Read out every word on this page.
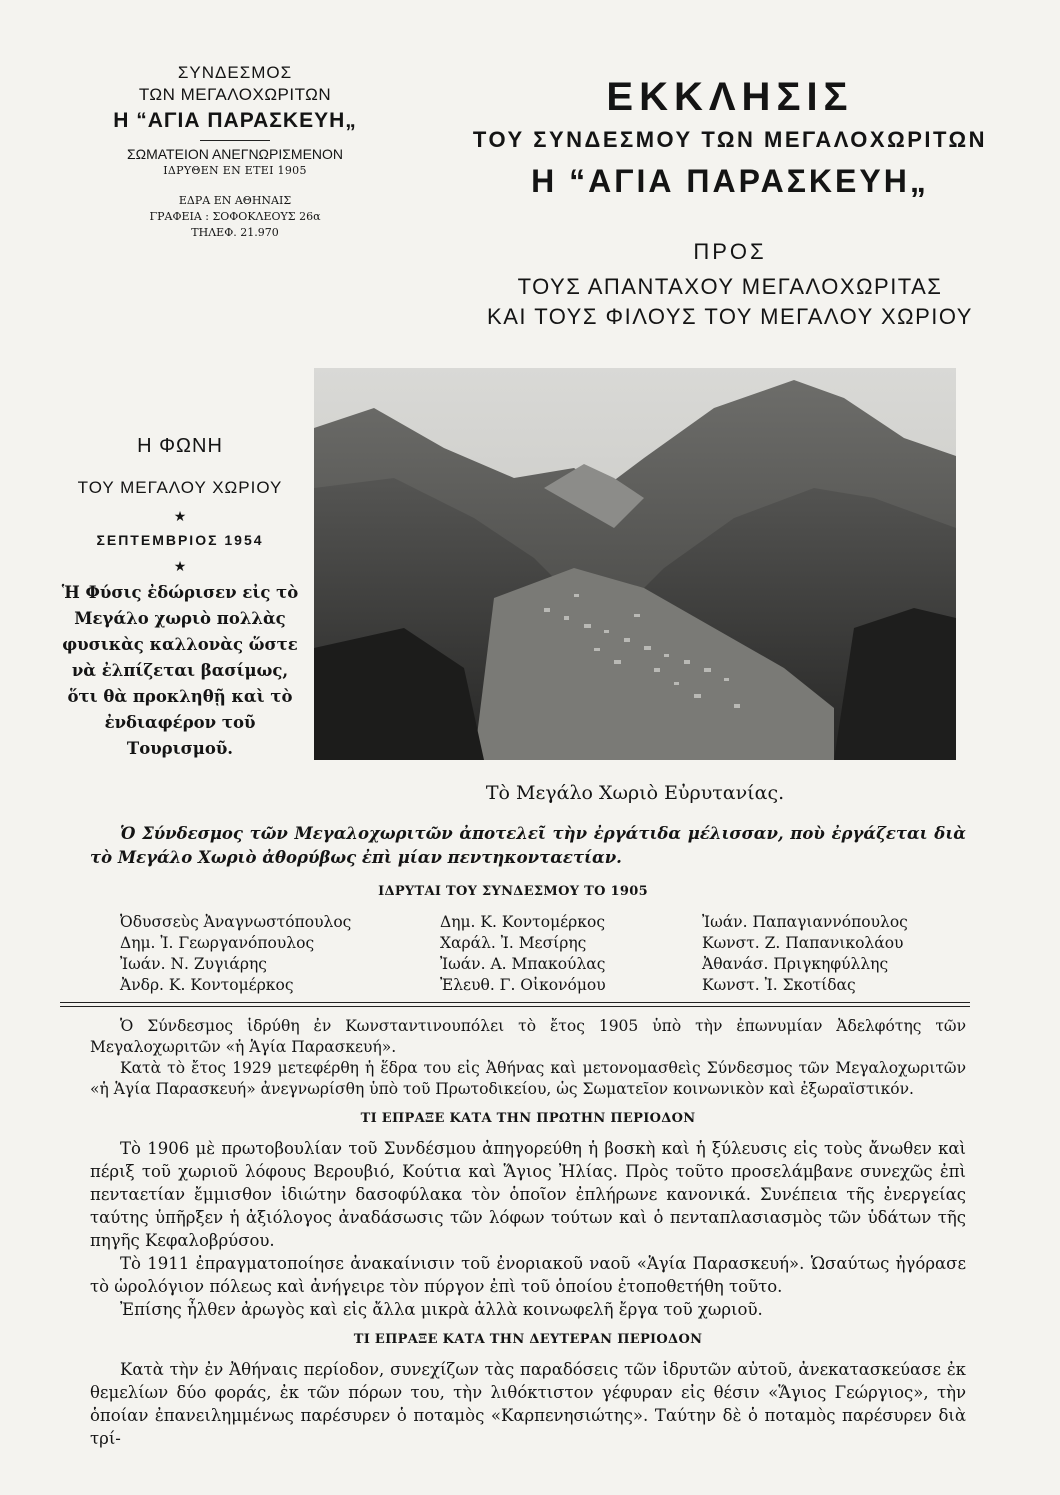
ΣΥΝΔΕΣΜΟΣ
ΤΩΝ ΜΕΓΑΛΟΧΩΡΙΤΩΝ
Η “ΑΓΙΑ ΠΑΡΑΣΚΕΥΗ„
ΣΩΜΑΤΕΙΟΝ ΑΝΕΓΝΩΡΙΣΜΕΝΟΝ
ΙΔΡΥΘΕΝ ΕΝ ΕΤΕΙ 1905
ΕΔΡΑ ΕΝ ΑΘΗΝΑΙΣ
ΓΡΑΦΕΙΑ : ΣΟΦΟΚΛΕΟΥΣ 26α
ΤΗΛΕΦ. 21.970
ΕΚΚΛΗΣΙΣ
ΤΟΥ ΣΥΝΔΕΣΜΟΥ ΤΩΝ ΜΕΓΑΛΟΧΩΡΙΤΩΝ
Η “ΑΓΙΑ ΠΑΡΑΣΚΕΥΗ„
ΠΡΟΣ
ΤΟΥΣ ΑΠΑΝΤΑΧΟΥ ΜΕΓΑΛΟΧΩΡΙΤΑΣ
ΚΑΙ ΤΟΥΣ ΦΙΛΟΥΣ ΤΟΥ ΜΕΓΑΛΟΥ ΧΩΡΙΟΥ
Η ΦΩΝΗ
ΤΟΥ ΜΕΓΑΛΟΥ ΧΩΡΙΟΥ
★
ΣΕΠΤΕΜΒΡΙΟΣ 1954
★
Ἡ Φύσις ἐδώρισεν εἰς τὸ Μεγάλο χωριὸ πολλὰς φυσικὰς καλλονὰς ὥστε νὰ ἐλπίζεται βασίμως, ὅτι θὰ προκληθῇ καὶ τὸ ἐνδιαφέρον τοῦ Τουρισμοῦ.
Τὸ Μεγάλο Χωριὸ Εὐρυτανίας.
Ὁ Σύνδεσμος τῶν Μεγαλοχωριτῶν ἀποτελεῖ τὴν ἐργάτιδα μέλισσαν, ποὺ ἐργάζεται διὰ τὸ Μεγάλο Χωριὸ ἀθορύβως ἐπὶ μίαν πεντηκονταετίαν.
ΙΔΡΥΤΑΙ ΤΟΥ ΣΥΝΔΕΣΜΟΥ ΤΟ 1905
Ὀδυσσεὺς Ἀναγνωστόπουλος
Δημ. Ἰ. Γεωργανόπουλος
Ἰωάν. Ν. Ζυγιάρης
Ἀνδρ. Κ. Κοντομέρκος
Δημ. Κ. Κοντομέρκος
Χαράλ. Ἰ. Μεσίρης
Ἰωάν. Α. Μπακούλας
Ἐλευθ. Γ. Οἰκονόμου
Ἰωάν. Παπαγιαννόπουλος
Κωνστ. Ζ. Παπανικολάου
Ἀθανάσ. Πριγκηφύλλης
Κωνστ. Ἰ. Σκοτίδας

Ὁ Σύνδεσμος ἱδρύθη ἐν Κωνσταντινουπόλει τὸ ἔτος 1905 ὑπὸ τὴν ἐπωνυμίαν Ἀδελφότης τῶν Μεγαλοχωριτῶν «ἡ Ἁγία Παρασκευή».

Κατὰ τὸ ἔτος 1929 μετεφέρθη ἡ ἕδρα του εἰς Ἀθήνας καὶ μετονομασθεὶς Σύνδεσμος τῶν Μεγαλοχωριτῶν «ἡ Ἁγία Παρασκευή» ἀνεγνωρίσθη ὑπὸ τοῦ Πρωτοδικείου, ὡς Σωματεῖον κοινωνικὸν καὶ ἐξωραϊστικόν.

ΤΙ ΕΠΡΑΞΕ ΚΑΤΑ ΤΗΝ ΠΡΩΤΗΝ ΠΕΡΙΟΔΟΝ

Τὸ 1906 μὲ πρωτοβουλίαν τοῦ Συνδέσμου ἀπηγορεύθη ἡ βοσκὴ καὶ ἡ ξύλευσις εἰς τοὺς ἄνωθεν καὶ πέριξ τοῦ χωριοῦ λόφους Βερουβιό, Κούτια καὶ Ἅγιος Ἠλίας. Πρὸς τοῦτο προσελάμβανε συνεχῶς ἐπὶ πενταετίαν ἔμμισθον ἰδιώτην δασοφύλακα τὸν ὁποῖον ἐπλήρωνε κανονικά. Συνέπεια τῆς ἐνεργείας ταύτης ὑπῆρξεν ἡ ἀξιόλογος ἀναδάσωσις τῶν λόφων τούτων καὶ ὁ πενταπλασιασμὸς τῶν ὑδάτων τῆς πηγῆς Κεφαλοβρύσου.

Τὸ 1911 ἐπραγματοποίησε ἀνακαίνισιν τοῦ ἐνοριακοῦ ναοῦ «Ἁγία Παρασκευή». Ὡσαύτως ἠγόρασε τὸ ὡρολόγιον πόλεως καὶ ἀνήγειρε τὸν πύργον ἐπὶ τοῦ ὁποίου ἐτοποθετήθη τοῦτο.

Ἐπίσης ἦλθεν ἀρωγὸς καὶ εἰς ἄλλα μικρὰ ἀλλὰ κοινωφελῆ ἔργα τοῦ χωριοῦ.

ΤΙ ΕΠΡΑΞΕ ΚΑΤΑ ΤΗΝ ΔΕΥΤΕΡΑΝ ΠΕΡΙΟΔΟΝ

Κατὰ τὴν ἐν Ἀθήναις περίοδον, συνεχίζων τὰς παραδόσεις τῶν ἱδρυτῶν αὐτοῦ, ἀνεκατασκεύασε ἐκ θεμελίων δύο φοράς, ἐκ τῶν πόρων του, τὴν λιθόκτιστον γέφυραν εἰς θέσιν «Ἅγιος Γεώργιος», τὴν ὁποίαν ἐπανειλημμένως παρέσυρεν ὁ ποταμὸς «Καρπενησιώτης». Ταύτην δὲ ὁ ποταμὸς παρέσυρεν διὰ τρί-
